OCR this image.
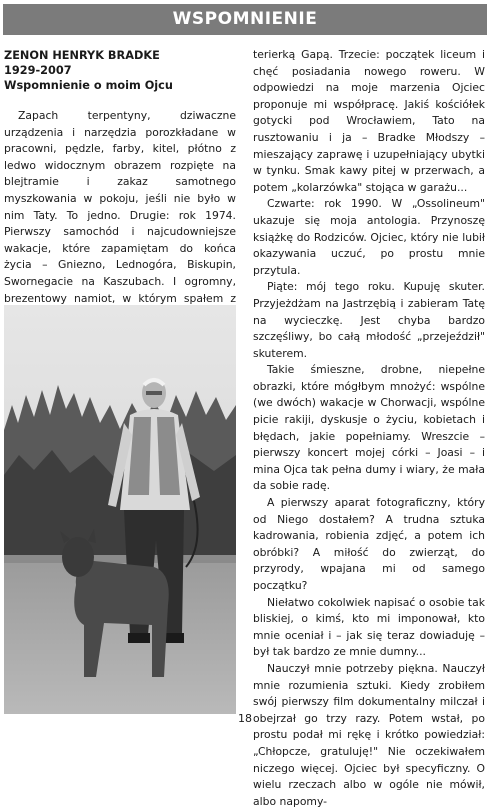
WSPOMNIENIE
ZENON HENRYK BRADKE
1929-2007
Wspomnienie o moim Ojcu

Zapach terpentyny, dziwaczne urządzenia i narzędzia porozkładane w pracowni, pędzle, farby, kitel, płótno z ledwo widocznym obrazem rozpięte na blejtramie i zakaz samotnego myszkowania w pokoju, jeśli nie było w nim Taty. To jedno. Drugie: rok 1974. Pierwszy samochód i najcudowniejsze wakacje, które zapamiętam do końca życia – Gniezno, Lednogóra, Biskupin, Swornegacie na Kaszubach. I ogromny, brezentowy namiot, w którym spałem z

terierką Gapą. Trzecie: początek liceum i chęć posiadania nowego roweru. W odpowiedzi na moje marzenia Ojciec proponuje mi współpracę. Jakiś kościółek gotycki pod Wrocławiem, Tato na rusztowaniu i ja – Bradke Młodszy – mieszający zaprawę i uzupełniający ubytki w tynku. Smak kawy pitej w przerwach, a potem „kolarzówka" stojąca w garażu...

Czwarte: rok 1990. W „Ossolineum" ukazuje się moja antologia. Przynoszę książkę do Rodziców. Ojciec, który nie lubił okazywania uczuć, po prostu mnie przytula.

Piąte: mój tego roku. Kupuję skuter. Przyjeżdżam na Jastrzębią i zabieram Tatę na wycieczkę. Jest chyba bardzo szczęśliwy, bo całą młodość „przejeździł" skuterem.

Takie śmieszne, drobne, niepełne obrazki, które mógłbym mnożyć: wspólne (we dwóch) wakacje w Chorwacji, wspólne picie rakiji, dyskusje o życiu, kobietach i błędach, jakie popełniamy. Wreszcie – pierwszy koncert mojej córki – Joasi – i mina Ojca tak pełna dumy i wiary, że mała da sobie radę.

A pierwszy aparat fotograficzny, który od Niego dostałem? A trudna sztuka kadrowania, robienia zdjęć, a potem ich obróbki? A miłość do zwierząt, do przyrody, wpajana mi od samego początku?

Niełatwo cokolwiek napisać o osobie tak bliskiej, o kimś, kto mi imponował, kto mnie oceniał i – jak się teraz dowiaduję – był tak bardzo ze mnie dumny...

Nauczył mnie potrzeby piękna. Nauczył mnie rozumienia sztuki. Kiedy zrobiłem swój pierwszy film dokumentalny milczał i obejrzał go trzy razy. Potem wstał, po prostu podał mi rękę i krótko powiedział: „Chłopcze, gratuluję!" Nie oczekiwałem niczego więcej. Ojciec był specyficzny. O wielu rzeczach albo w ogóle nie mówił, albo napomy-

18
